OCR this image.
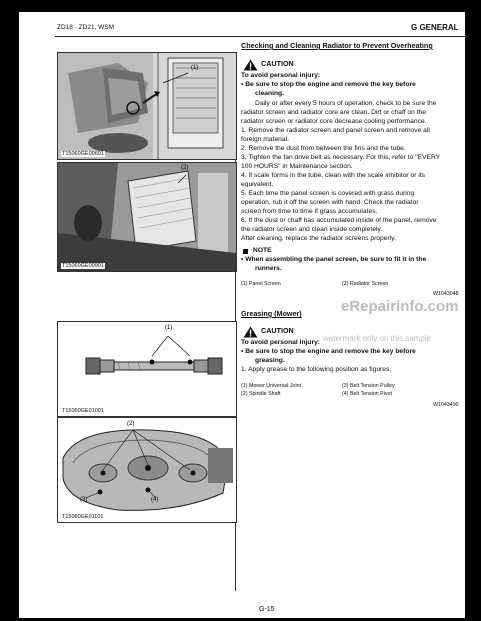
ZD18 · ZD21, WSM	G GENERAL
(1)
T15060GE00601
(2)
T15060GE00901
(1)
T15060GE01001
(2)
(3)	(4)
T15060GE01101
Checking and Cleaning Radiator to Prevent Overheating
CAUTION
To avoid personal injury:
• Be sure to stop the engine and remove the key before
cleaning.
Daily or after every 5 hours of operation, check to be sure the
radiator screen and radiator core are clean. Dirt or chaff on the
radiator screen or radiator core decrease cooling performance.
1. Remove the radiator screen and panel screen and remove all
foreign material.
2. Remove the dust from between the fins and the tube.
3. Tighten the fan drive belt as necessary. For this, refer to "EVERY
100 HOURS" in Maintenance section.
4. If scale forms in the tube, clean with the scale inhibitor or its
equivalent.
5. Each time the panel screen is covered with grass during
operation, rub it off the screen with hand. Check the radiator
screen from time to time if grass accumulates.
6. If the dust or chaff has accumulated inside of the panel, remove
the radiator screen and clean inside completely.
After cleaning, replace the radiator screens properly.
NOTE
• When assembling the panel screen, be sure to fit it in the
runners.
(1) Panel Screen	(2) Radiator Screen
W1043048
Greasing (Mower)
CAUTION
To avoid personal injury:
• Be sure to stop the engine and remove the key before
greasing.
1. Apply grease to the following position as figures.
(1) Mower Universal Joint
(2) Spindle Shaft
(3) Belt Tension Pulley
(4) Belt Tension Pivot
W1043490
eRepairinfo.com
watermark only on this sample
G-15
